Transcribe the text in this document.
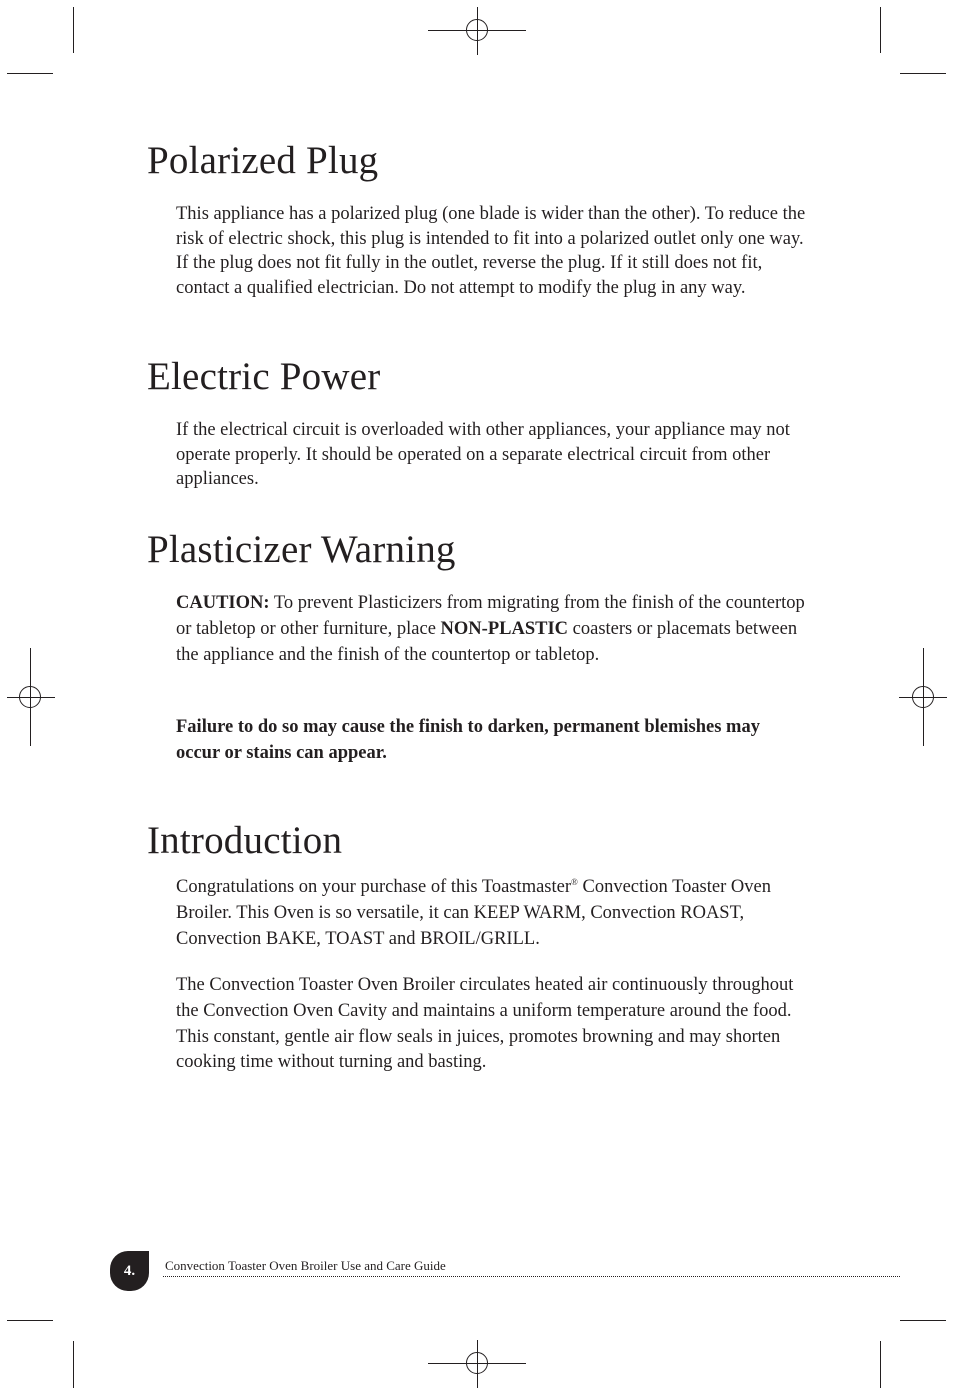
Polarized Plug

This appliance has a polarized plug (one blade is wider than the other). To reduce the risk of electric shock, this plug is intended to fit into a polarized outlet only one way. If the plug does not fit fully in the outlet, reverse the plug. If it still does not fit, contact a qualified electrician. Do not attempt to modify the plug in any way.

Electric Power

If the electrical circuit is overloaded with other appliances, your appliance may not operate properly. It should be operated on a separate electrical circuit from other appliances.

Plasticizer Warning

CAUTION: To prevent Plasticizers from migrating from the finish of the countertop or tabletop or other furniture, place NON-PLASTIC coasters or placemats between the appliance and the finish of the countertop or tabletop.

Failure to do so may cause the finish to darken, permanent blemishes may occur or stains can appear.

Introduction

Congratulations on your purchase of this Toastmaster® Convection Toaster Oven Broiler. This Oven is so versatile, it can KEEP WARM, Convection ROAST, Convection BAKE, TOAST and BROIL/GRILL.

The Convection Toaster Oven Broiler circulates heated air continuously throughout the Convection Oven Cavity and maintains a uniform temperature around the food. This constant, gentle air flow seals in juices, promotes browning and may shorten cooking time without turning and basting.

4.	Convection Toaster Oven Broiler Use and Care Guide
